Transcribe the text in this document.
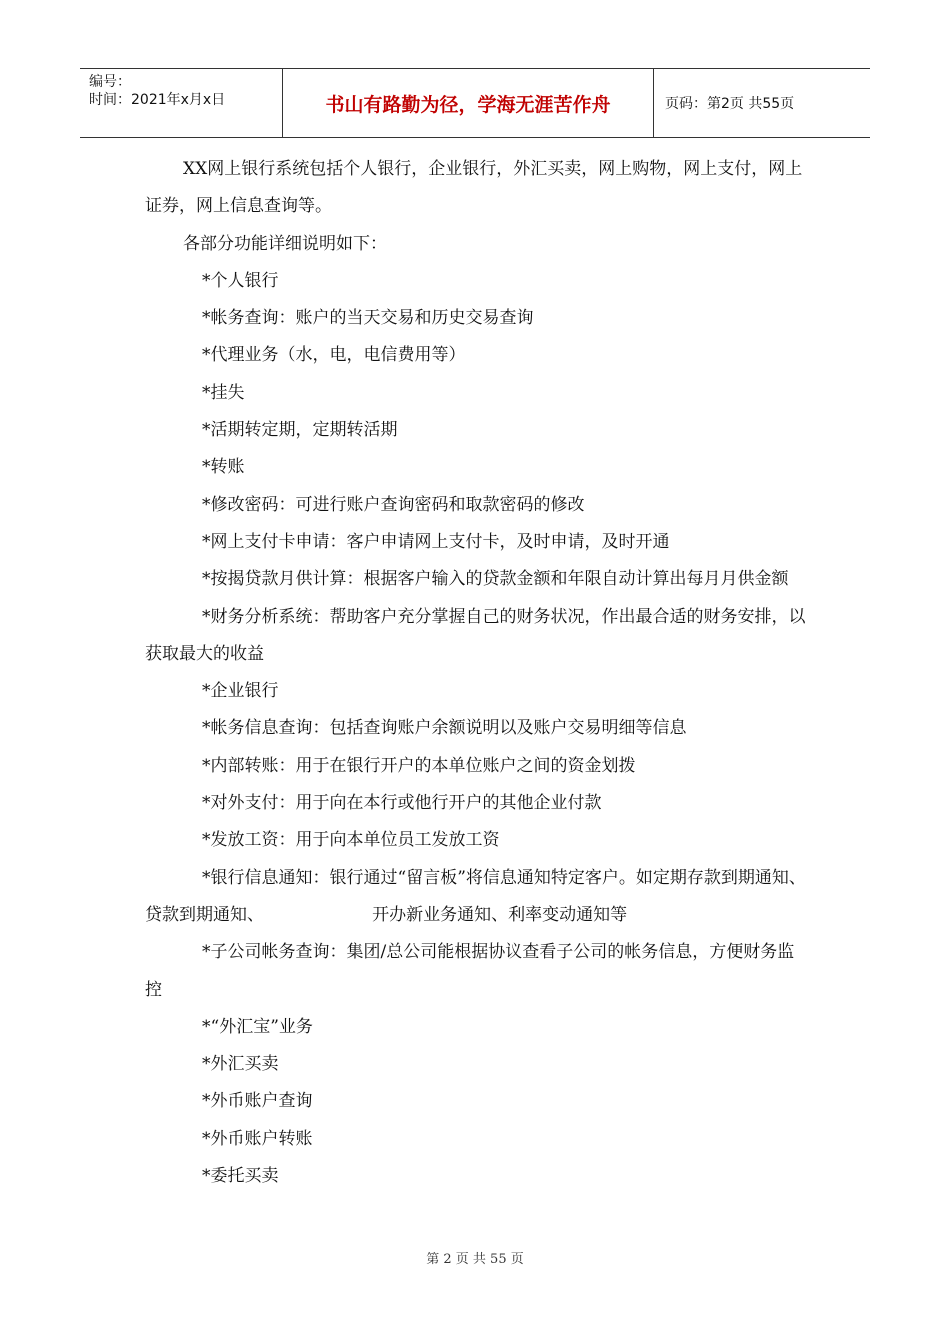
编号：
时间：2021年x月x日	书山有路勤为径，学海无涯苦作舟	页码：第2页 共55页

XX网上银行系统包括个人银行，企业银行，外汇买卖，网上购物，网上支付，网上证券，网上信息查询等。

各部分功能详细说明如下：

*个人银行

*帐务查询：账户的当天交易和历史交易查询

*代理业务（水，电，电信费用等）

*挂失

*活期转定期，定期转活期

*转账

*修改密码：可进行账户查询密码和取款密码的修改

*网上支付卡申请：客户申请网上支付卡，及时申请，及时开通

*按揭贷款月供计算：根据客户输入的贷款金额和年限自动计算出每月月供金额

*财务分析系统：帮助客户充分掌握自己的财务状况，作出最合适的财务安排，以获取最大的收益

*企业银行

*帐务信息查询：包括查询账户余额说明以及账户交易明细等信息

*内部转账：用于在银行开户的本单位账户之间的资金划拨

*对外支付：用于向在本行或他行开户的其他企业付款

*发放工资：用于向本单位员工发放工资

*银行信息通知：银行通过“留言板”将信息通知特定客户。如定期存款到期通知、贷款到期通知、                    开办新业务通知、利率变动通知等

*子公司帐务查询：集团/总公司能根据协议查看子公司的帐务信息，方便财务监控

*“外汇宝”业务

*外汇买卖

*外币账户查询

*外币账户转账

*委托买卖

第 2 页 共 55 页
